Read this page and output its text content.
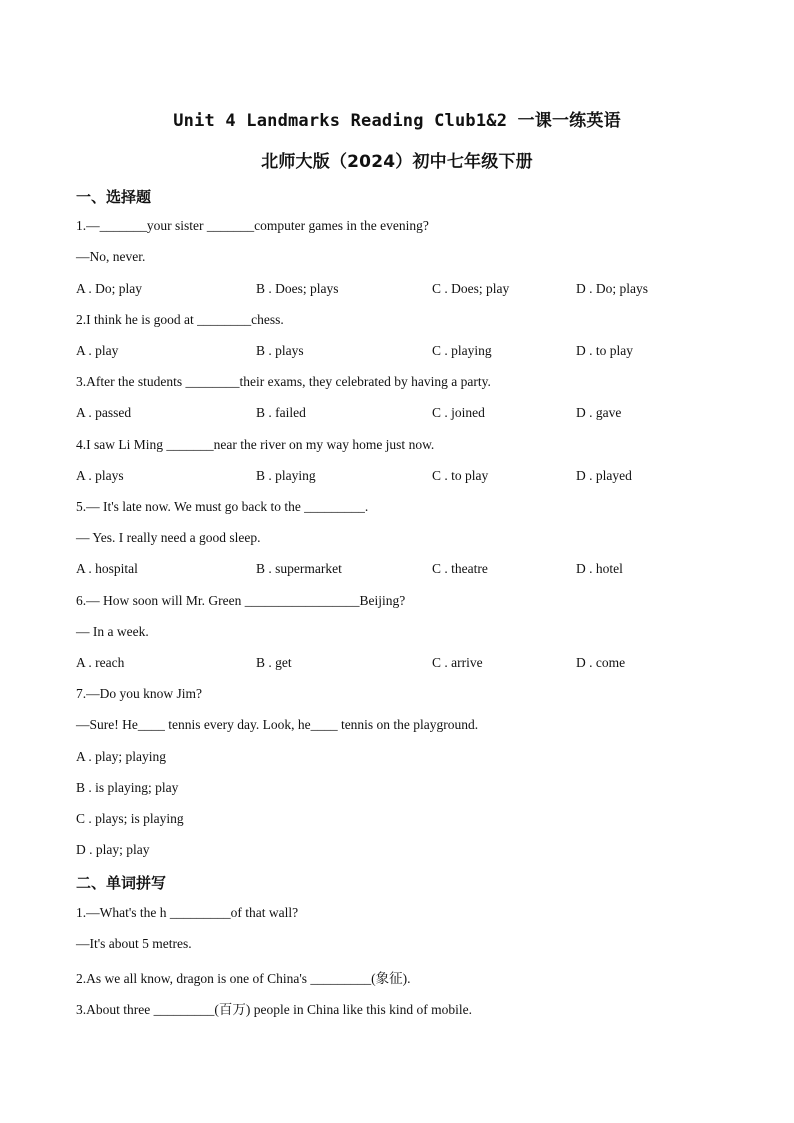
Unit 4 Landmarks Reading Club1&2 一课一练英语
北师大版（2024）初中七年级下册
一、选择题
1.—_______your sister _______computer games in the evening?
—No, never.
A . Do; play	B . Does; plays	C . Does; play	D . Do; plays
2.I think he is good at ________chess.
A . play	B . plays	C . playing	D . to play
3.After the students ________their exams, they celebrated by having a party.
A . passed	B . failed	C . joined	D . gave
4.I saw Li Ming _______near the river on my way home just now.
A . plays	B . playing	C . to play	D . played
5.— It's late now. We must go back to the _________.
— Yes. I really need a good sleep.
A . hospital	B . supermarket	C . theatre	D . hotel
6.— How soon will Mr. Green _________________Beijing?
— In a week.
A . reach	B . get	C . arrive	D . come
7.—Do you know Jim?
—Sure! He____ tennis every day. Look, he____ tennis on the playground.
A . play; playing
B . is playing; play
C . plays; is playing
D . play; play
二、单词拼写
1.—What's the h _________of that wall?
—It's about 5 metres.
2.As we all know, dragon is one of China's _________(象征).
3.About three _________(百万) people in China like this kind of mobile.
